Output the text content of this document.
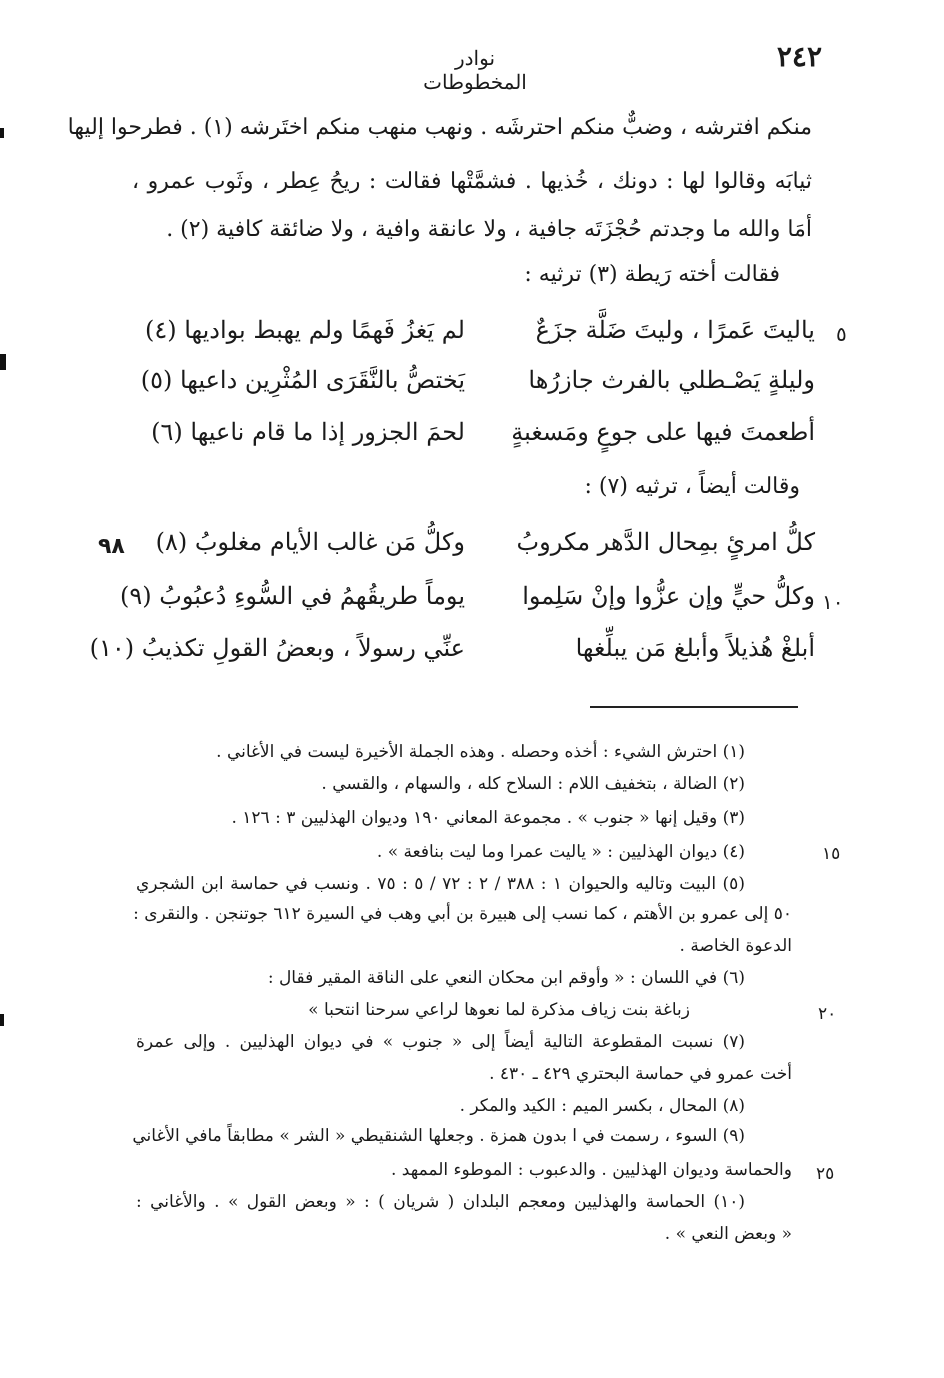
٢٤٢
نوادر المخطوطات
منكم افترشه ، وضبٌّ منكم احترشَه . ونهب منهب منكم اختَرشه (١) . فطرحوا إليها
ثيابَه وقالوا لها : دونك ، خُذيها . فشمَّتْها فقالت : ريحُ عِطر ، وثَوب عمرو ،
أمَا والله ما وجدتم حُجْزَتَه جافية ، ولا عانقة وافية ، ولا ضائقة كافية (٢) .
فقالت أخته رَيطة (٣) ترثيه :
٥
ياليتَ عَمرًا ، وليتَ ضَلَّة جزَعٌ
لم يَغزُ فَهمًا ولم يهبط بواديها (٤)
وليلةٍ يَصْـطلي بالفرث جازرُها
يَختصُّ بالنَّقَرَى المُثْرِين داعيها (٥)
أطعمتَ فيها على جوعٍ ومَسغبةٍ
لحمَ الجزور إذا ما قام ناعيها (٦)
وقالت أيضاً ، ترثيه (٧) :
٩٨	كلُّ امرئٍ بمِحال الدَّهر مكروبُ
وكلُّ مَن غالب الأيام مغلوبُ (٨)
١٠
وكلُّ حيٍّ وإن عزُّوا وإنْ سَلِموا
يوماً طريقُهمُ في السُّوءِ دُعبُوبُ (٩)
أبلغْ هُذيلاً وأبلغ مَن يبلِّغها
عنِّي رسولاً ، وبعضُ القولِ تكذيبُ (١٠)
(١) احترش الشيء : أخذه وحصله . وهذه الجملة الأخيرة ليست في الأغاني .
(٢) الضالة ، بتخفيف اللام : السلاح كله ، والسهام ، والقسي .
(٣) وقيل إنها « جنوب » . مجموعة المعاني ١٩٠ وديوان الهذليين ٣ : ١٢٦ .
١٥
(٤) ديوان الهذليين : « ياليت عمرا وما ليت بنافعة » .
(٥) البيت وتاليه والحيوان ١ : ٣٨٨ / ٢ : ٧٢ / ٥ : ٧٥ . ونسب في حماسة ابن الشجري
٥٠ إلى عمرو بن الأهتم ، كما نسب إلى هبيرة بن أبي وهب في السيرة ٦١٢ جوتنجن . والنقرى :
الدعوة الخاصة .
(٦) في اللسان : « وأوقم ابن محكان النعي على الناقة المقير فقال :
٢٠
زباغة بنت زياف مذكرة لما نعوها لراعي سرحنا انتحبا »
(٧) نسبت المقطوعة التالية أيضاً إلى « جنوب » في ديوان الهذليين . وإلى عمرة
أخت عمرو في حماسة البحتري ٤٢٩ ـ ٤٣٠ .
(٨) المحال ، بكسر الميم : الكيد والمكر .
(٩) السوء ، رسمت في ا بدون همزة . وجعلها الشنقيطي « الشر » مطابقاً مافي الأغاني
٢٥
والحماسة وديوان الهذليين . والدعبوب : الموطوء الممهد .
(١٠) الحماسة والهذليين ومعجم البلدان ( شريان ) : « وبعض القول » . والأغاني :
« وبعض النعي » .
